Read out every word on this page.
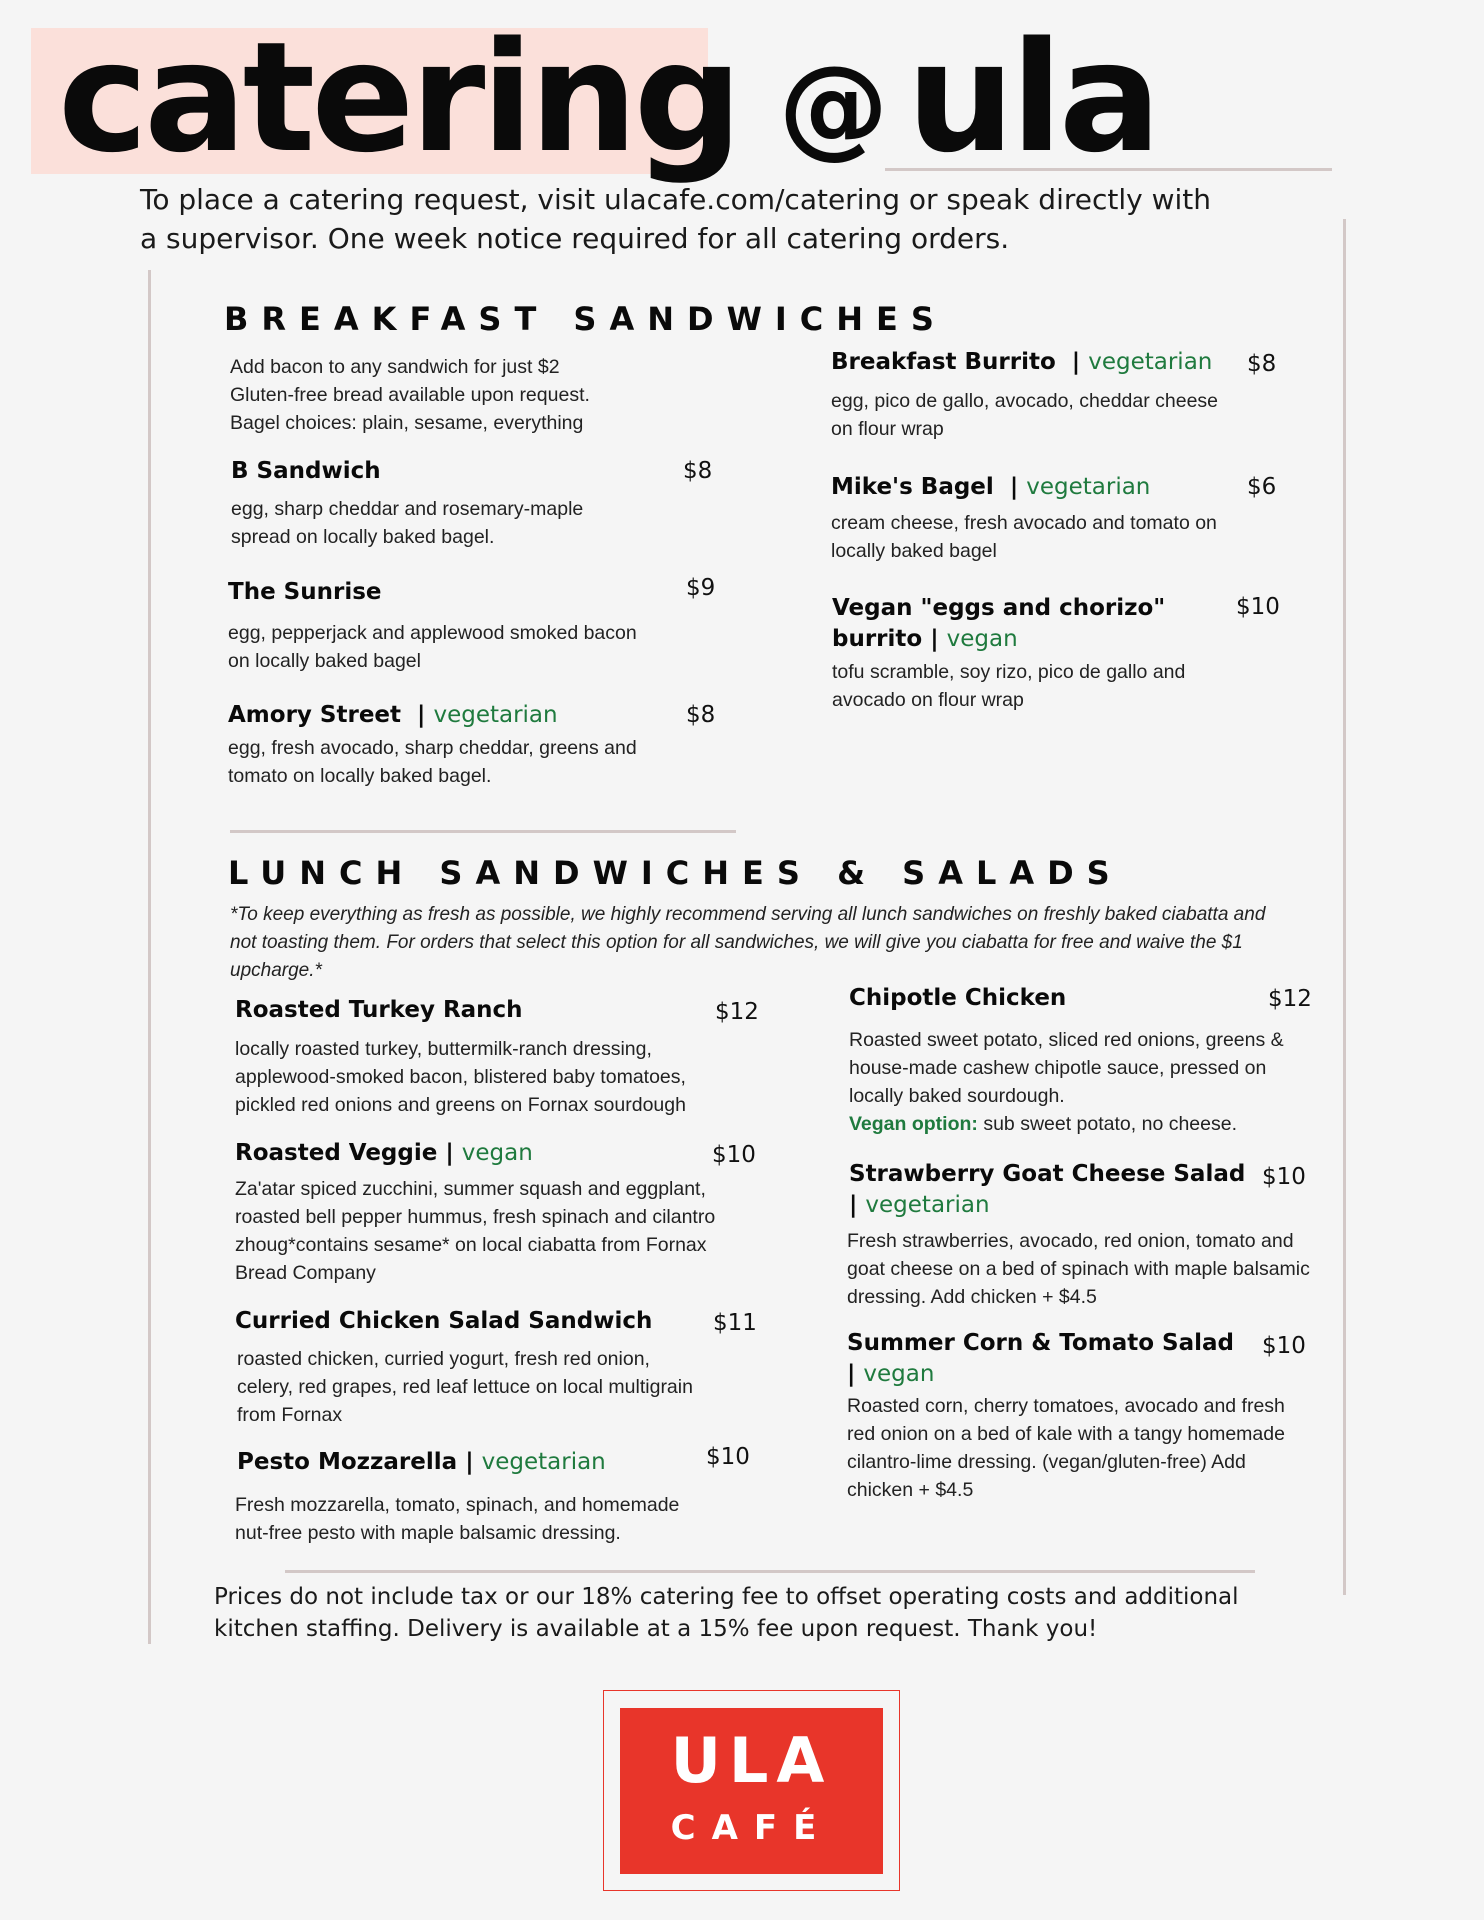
catering @ ula
To place a catering request, visit ulacafe.com/catering or speak directly with a supervisor. One week notice required for all catering orders.
BREAKFAST SANDWICHES
Add bacon to any sandwich for just $2
Gluten-free bread available upon request.
Bagel choices: plain, sesame, everything
B Sandwich
egg, sharp cheddar and rosemary-maple spread on locally baked bagel.
$8
The Sunrise
egg, pepperjack and applewood smoked bacon on locally baked bagel
$9
Amory Street | vegetarian
egg, fresh avocado, sharp cheddar, greens and tomato on locally baked bagel.
$8
Breakfast Burrito | vegetarian
egg, pico de gallo, avocado, cheddar cheese on flour wrap
$8
Mike's Bagel | vegetarian
cream cheese, fresh avocado and tomato on locally baked bagel
$6
Vegan "eggs and chorizo" burrito | vegan
tofu scramble, soy rizo, pico de gallo and avocado on flour wrap
$10
LUNCH SANDWICHES & SALADS
*To keep everything as fresh as possible, we highly recommend serving all lunch sandwiches on freshly baked ciabatta and not toasting them. For orders that select this option for all sandwiches, we will give you ciabatta for free and waive the $1 upcharge.*
Roasted Turkey Ranch
locally roasted turkey, buttermilk-ranch dressing, applewood-smoked bacon, blistered baby tomatoes, pickled red onions and greens on Fornax sourdough
$12
Roasted Veggie | vegan
Za'atar spiced zucchini, summer squash and eggplant, roasted bell pepper hummus, fresh spinach and cilantro zhoug*contains sesame* on local ciabatta from Fornax Bread Company
$10
Curried Chicken Salad Sandwich
roasted chicken, curried yogurt, fresh red onion, celery, red grapes, red leaf lettuce on local multigrain from Fornax
$11
Pesto Mozzarella | vegetarian
Fresh mozzarella, tomato, spinach, and homemade nut-free pesto with maple balsamic dressing.
$10
Chipotle Chicken
Roasted sweet potato, sliced red onions, greens & house-made cashew chipotle sauce, pressed on locally baked sourdough.
Vegan option: sub sweet potato, no cheese.
$12
Strawberry Goat Cheese Salad | vegetarian
Fresh strawberries, avocado, red onion, tomato and goat cheese on a bed of spinach with maple balsamic dressing. Add chicken + $4.5
$10
Summer Corn & Tomato Salad | vegan
Roasted corn, cherry tomatoes, avocado and fresh red onion on a bed of kale with a tangy homemade cilantro-lime dressing. (vegan/gluten-free) Add chicken + $4.5
$10
Prices do not include tax or our 18% catering fee to offset operating costs and additional kitchen staffing. Delivery is available at a 15% fee upon request. Thank you!
ULA
CAFÉ
